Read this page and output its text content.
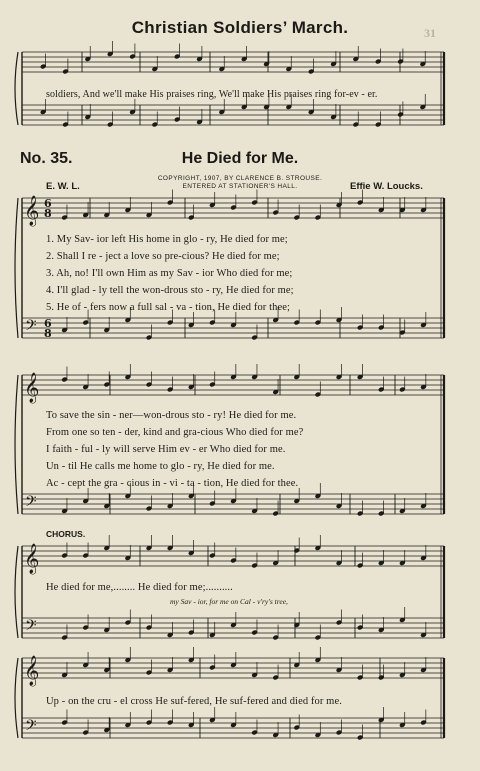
𝄞
𝄢
𝄞
𝄢
𝄞
𝄢
𝄞
𝄢
6
8
6
8
31
Christian Soldiers’ March.
soldiers, And we'll make His praises ring, We'll make His praises ring for-ev - er.
No. 35.	He Died for Me.
COPYRIGHT, 1907, BY CLARENCE B. STROUSE.
ENTERED AT STATIONER'S HALL.
E. W. L.	Effie W. Loucks.
1. My Sav- ior left His home in glo - ry, He died for me;
2. Shall I re - ject a love so pre-cious? He died for me;
3. Ah, no! I'll own Him as my Sav - ior Who died for me;
4. I'll glad - ly tell the won-drous sto - ry, He died for me;
5. He of - fers now a full sal - va - tion, He died for thee;
To save the sin - ner—won-drous sto - ry! He died for me.
From one so ten - der, kind and gra-cious Who died for me?
I faith - ful - ly will serve Him ev - er Who died for me.
Un - til He calls me home to glo - ry, He died for me.
Ac - cept the gra - cious in - vi - ta - tion, He died for thee.
CHORUS.
He died for me,........ He died for me;..........
my Sav - ior, for me on Cal - v'ry's tree,
Up - on the cru - el cross He suf-fered, He suf-fered and died for me.
